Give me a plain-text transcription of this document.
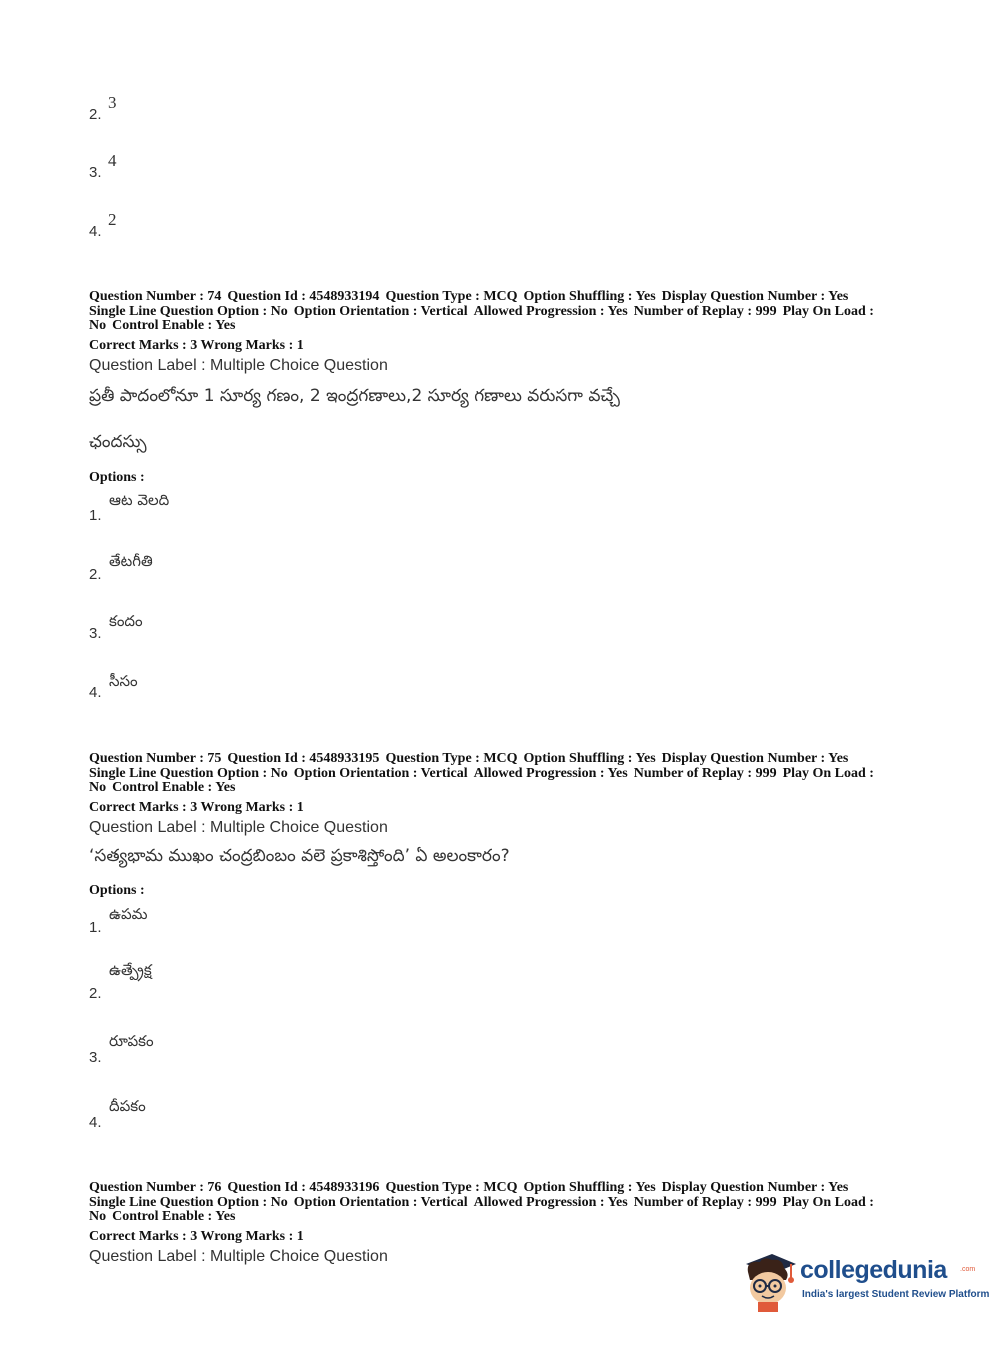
2.
3
3.
4
4.
2
Question Number : 74 Question Id : 4548933194 Question Type : MCQ Option Shuffling : Yes Display Question Number : Yes
Single Line Question Option : No Option Orientation : Vertical Allowed Progression : Yes Number of Replay : 999 Play On Load :
No Control Enable : Yes
Correct Marks : 3 Wrong Marks : 1
Question Label : Multiple Choice Question
ప్రతీ పాదంలోనూ 1 సూర్య గణం, 2 ఇంద్రగణాలు,2 సూర్య గణాలు వరుసగా వచ్చే
ఛందస్సు
Options :
1.
ఆట వెలది
2.
తేటగీతి
3.
కందం
4.
సీసం
Question Number : 75 Question Id : 4548933195 Question Type : MCQ Option Shuffling : Yes Display Question Number : Yes
Single Line Question Option : No Option Orientation : Vertical Allowed Progression : Yes Number of Replay : 999 Play On Load :
No Control Enable : Yes
Correct Marks : 3 Wrong Marks : 1
Question Label : Multiple Choice Question
‘సత్యభామ ముఖం చంద్రబింబం వలె ప్రకాశిస్తోంది’ ఏ అలంకారం?
Options :
1.
ఉపమ
2.
ఉత్ప్రేక్ష
3.
రూపకం
4.
దీపకం
Question Number : 76 Question Id : 4548933196 Question Type : MCQ Option Shuffling : Yes Display Question Number : Yes
Single Line Question Option : No Option Orientation : Vertical Allowed Progression : Yes Number of Replay : 999 Play On Load :
No Control Enable : Yes
Correct Marks : 3 Wrong Marks : 1
Question Label : Multiple Choice Question	collegedunia .com
India's largest Student Review Platform
